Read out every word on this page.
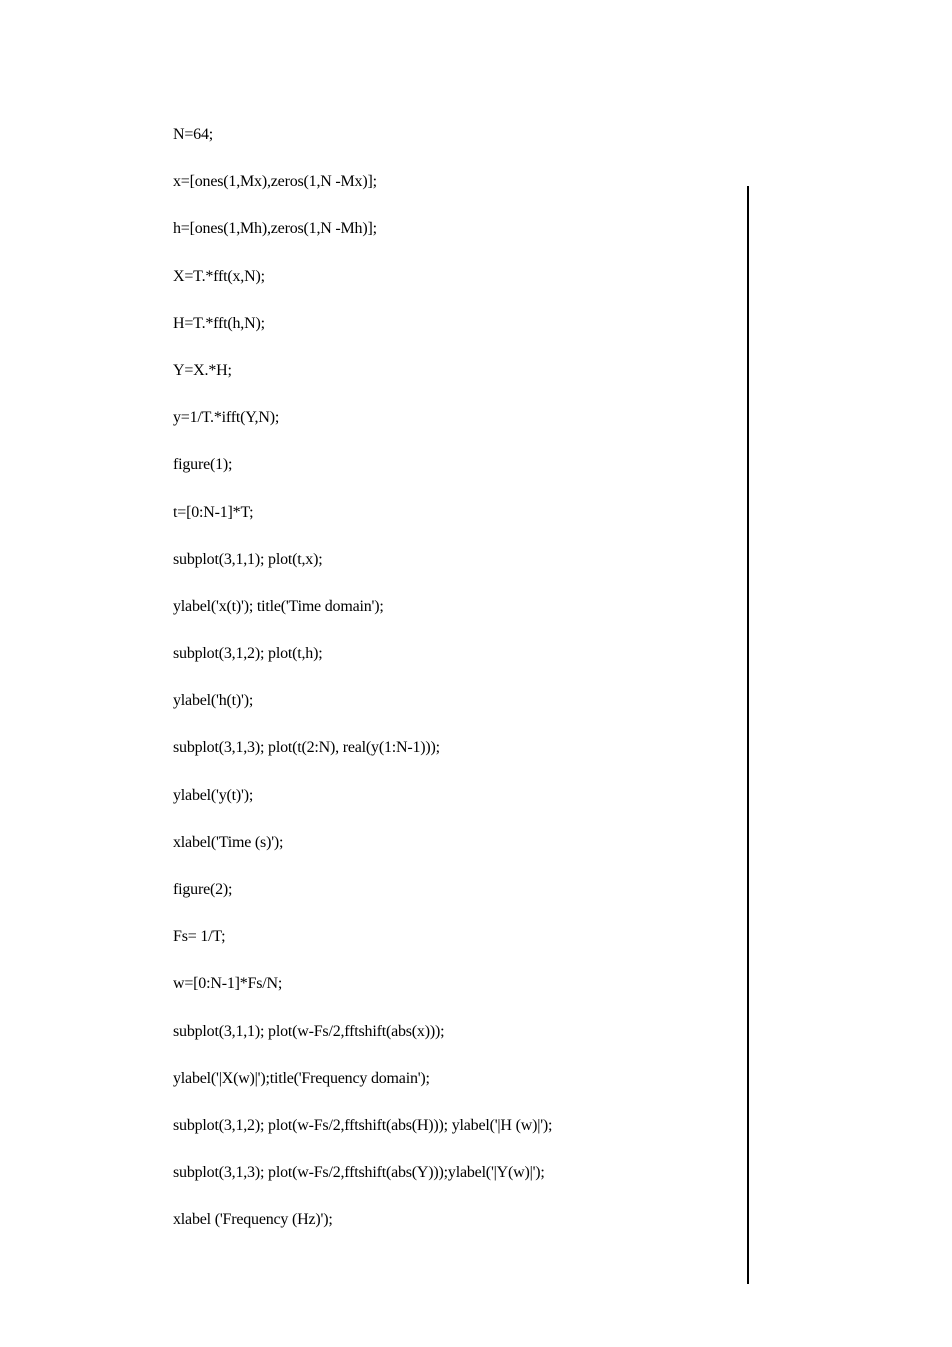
N=64;
x=[ones(1,Mx),zeros(1,N -Mx)];
h=[ones(1,Mh),zeros(1,N -Mh)];
X=T.*fft(x,N);
H=T.*fft(h,N);
Y=X.*H;
y=1/T.*ifft(Y,N);
figure(1);
t=[0:N-1]*T;
subplot(3,1,1); plot(t,x);
ylabel('x(t)'); title('Time domain');
subplot(3,1,2); plot(t,h);
ylabel('h(t)');
subplot(3,1,3); plot(t(2:N), real(y(1:N-1)));
ylabel('y(t)');
xlabel('Time (s)');
figure(2);
Fs= 1/T;
w=[0:N-1]*Fs/N;
subplot(3,1,1); plot(w-Fs/2,fftshift(abs(x)));
ylabel('|X(w)|');title('Frequency domain');
subplot(3,1,2); plot(w-Fs/2,fftshift(abs(H))); ylabel('|H (w)|');
subplot(3,1,3); plot(w-Fs/2,fftshift(abs(Y)));ylabel('|Y(w)|');
xlabel ('Frequency (Hz)');
